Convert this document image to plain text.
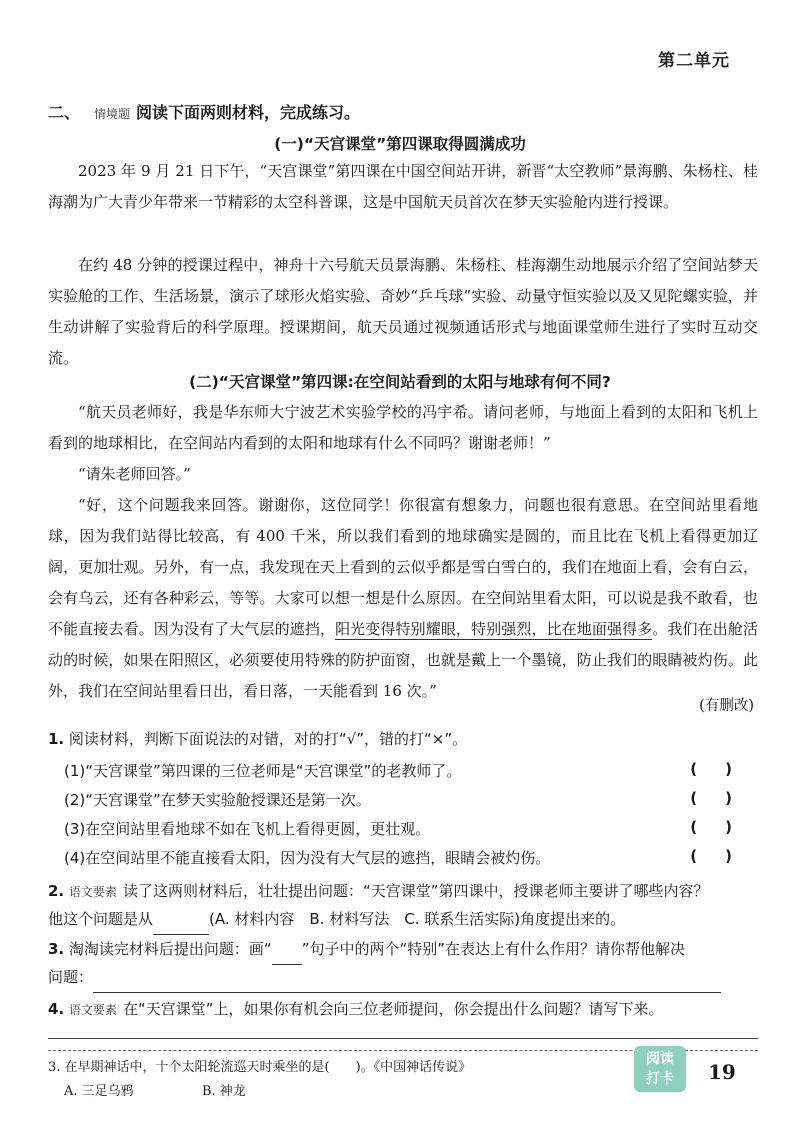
第二单元
二、 情境题 阅读下面两则材料，完成练习。
(一)“天宫课堂”第四课取得圆满成功
2023 年 9 月 21 日下午，“天宫课堂”第四课在中国空间站开讲，新晋“太空教师”景海鹏、朱杨柱、桂海潮为广大青少年带来一节精彩的太空科普课，这是中国航天员首次在梦天实验舱内进行授课。
在约 48 分钟的授课过程中，神舟十六号航天员景海鹏、朱杨柱、桂海潮生动地展示介绍了空间站梦天实验舱的工作、生活场景，演示了球形火焰实验、奇妙“乒乓球”实验、动量守恒实验以及又见陀螺实验，并生动讲解了实验背后的科学原理。授课期间，航天员通过视频通话形式与地面课堂师生进行了实时互动交流。
(二)“天宫课堂”第四课:在空间站看到的太阳与地球有何不同?
“航天员老师好，我是华东师大宁波艺术实验学校的冯宇希。请问老师，与地面上看到的太阳和飞机上看到的地球相比，在空间站内看到的太阳和地球有什么不同吗？谢谢老师！”
“请朱老师回答。”
“好，这个问题我来回答。谢谢你，这位同学！你很富有想象力，问题也很有意思。在空间站里看地球，因为我们站得比较高，有 400 千米，所以我们看到的地球确实是圆的，而且比在飞机上看得更加辽阔，更加壮观。另外，有一点，我发现在天上看到的云似乎都是雪白雪白的，我们在地面上看，会有白云，会有乌云，还有各种彩云，等等。大家可以想一想是什么原因。在空间站里看太阳，可以说是我不敢看，也不能直接去看。因为没有了大气层的遮挡，阳光变得特别耀眼，特别强烈，比在地面强得多。我们在出舱活动的时候，如果在阳照区，必须要使用特殊的防护面窗，也就是戴上一个墨镜，防止我们的眼睛被灼伤。此外，我们在空间站里看日出，看日落，一天能看到 16 次。”
(有删改)
1. 阅读材料，判断下面说法的对错，对的打“√”，错的打“×”。
(1)“天宫课堂”第四课的三位老师是“天宫课堂”的老教师了。	( )
(2)“天宫课堂”在梦天实验舱授课还是第一次。	( )
(3)在空间站里看地球不如在飞机上看得更圆，更壮观。	( )
(4)在空间站里不能直接看太阳，因为没有大气层的遮挡，眼睛会被灼伤。	( )
2. 语文要素 读了这两则材料后，壮壮提出问题：“天宫课堂”第四课中，授课老师主要讲了哪些内容？
他这个问题是从	(A. 材料内容　B. 材料写法　C. 联系生活实际)角度提出来的。
3. 淘淘读完材料后提出问题：画“ ”句子中的两个“特别”在表达上有什么作用？请你帮他解决
问题：
4. 语文要素 在“天宫课堂”上，如果你有机会向三位老师提问，你会提出什么问题？请写下来。
3. 在早期神话中，十个太阳轮流巡天时乘坐的是(　　)。《中国神话传说》
A. 三足乌鸦	B. 神龙
阅读
打卡	19
